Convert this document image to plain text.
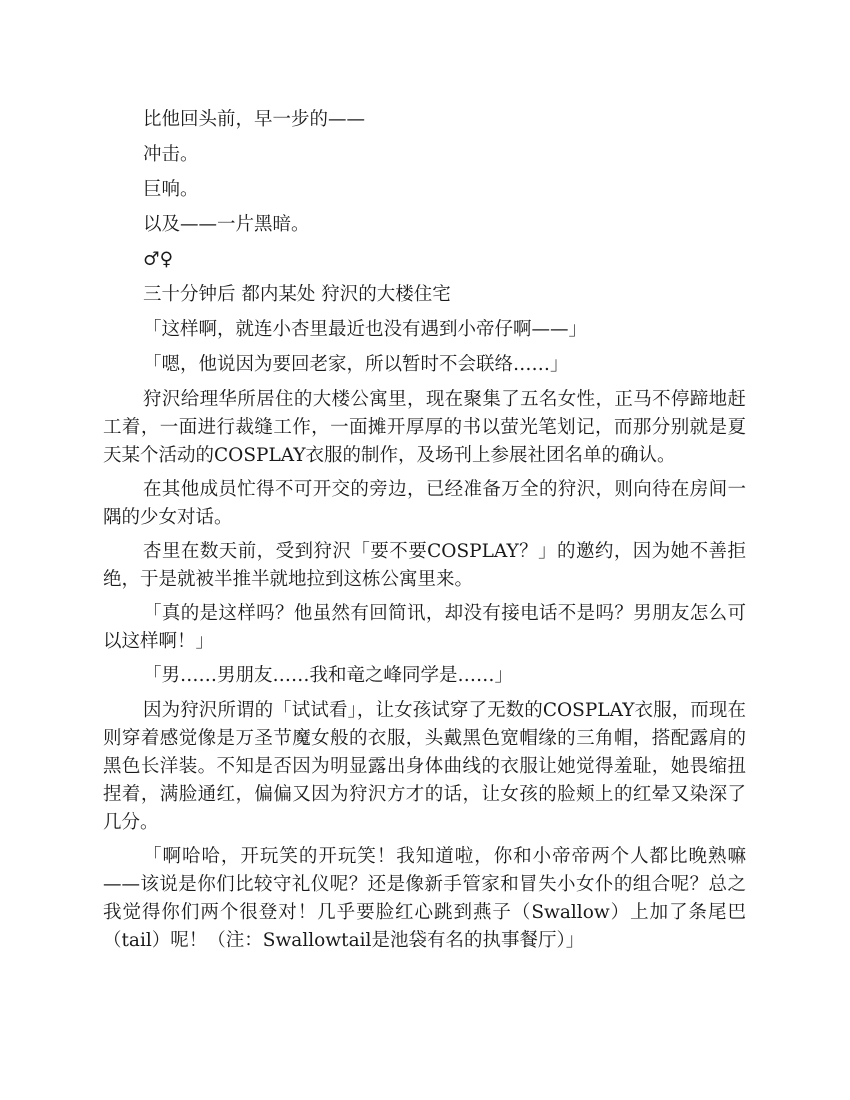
比他回头前，早一步的——

冲击。

巨响。

以及——一片黑暗。

♂♀

三十分钟后 都内某处 狩沢的大楼住宅

「这样啊，就连小杏里最近也没有遇到小帝仔啊——」

「嗯，他说因为要回老家，所以暂时不会联络……」

狩沢给理华所居住的大楼公寓里，现在聚集了五名女性，正马不停蹄地赶工着，一面进行裁缝工作，一面摊开厚厚的书以萤光笔划记，而那分别就是夏天某个活动的COSPLAY衣服的制作，及场刊上参展社团名单的确认。

在其他成员忙得不可开交的旁边，已经准备万全的狩沢，则向待在房间一隅的少女对话。

杏里在数天前，受到狩沢「要不要COSPLAY？」的邀约，因为她不善拒绝，于是就被半推半就地拉到这栋公寓里来。

「真的是这样吗？他虽然有回简讯，却没有接电话不是吗？男朋友怎么可以这样啊！」

「男……男朋友……我和竜之峰同学是……」

因为狩沢所谓的「试试看」，让女孩试穿了无数的COSPLAY衣服，而现在则穿着感觉像是万圣节魔女般的衣服，头戴黑色宽帽缘的三角帽，搭配露肩的黑色长洋装。不知是否因为明显露出身体曲线的衣服让她觉得羞耻，她畏缩扭捏着，满脸通红，偏偏又因为狩沢方才的话，让女孩的脸颊上的红晕又染深了几分。

「啊哈哈，开玩笑的开玩笑！我知道啦，你和小帝帝两个人都比晚熟嘛——该说是你们比较守礼仪呢？还是像新手管家和冒失小女仆的组合呢？总之我觉得你们两个很登对！几乎要脸红心跳到燕子（Swallow）上加了条尾巴（tail）呢！（注：Swallowtail是池袋有名的执事餐厅）」
